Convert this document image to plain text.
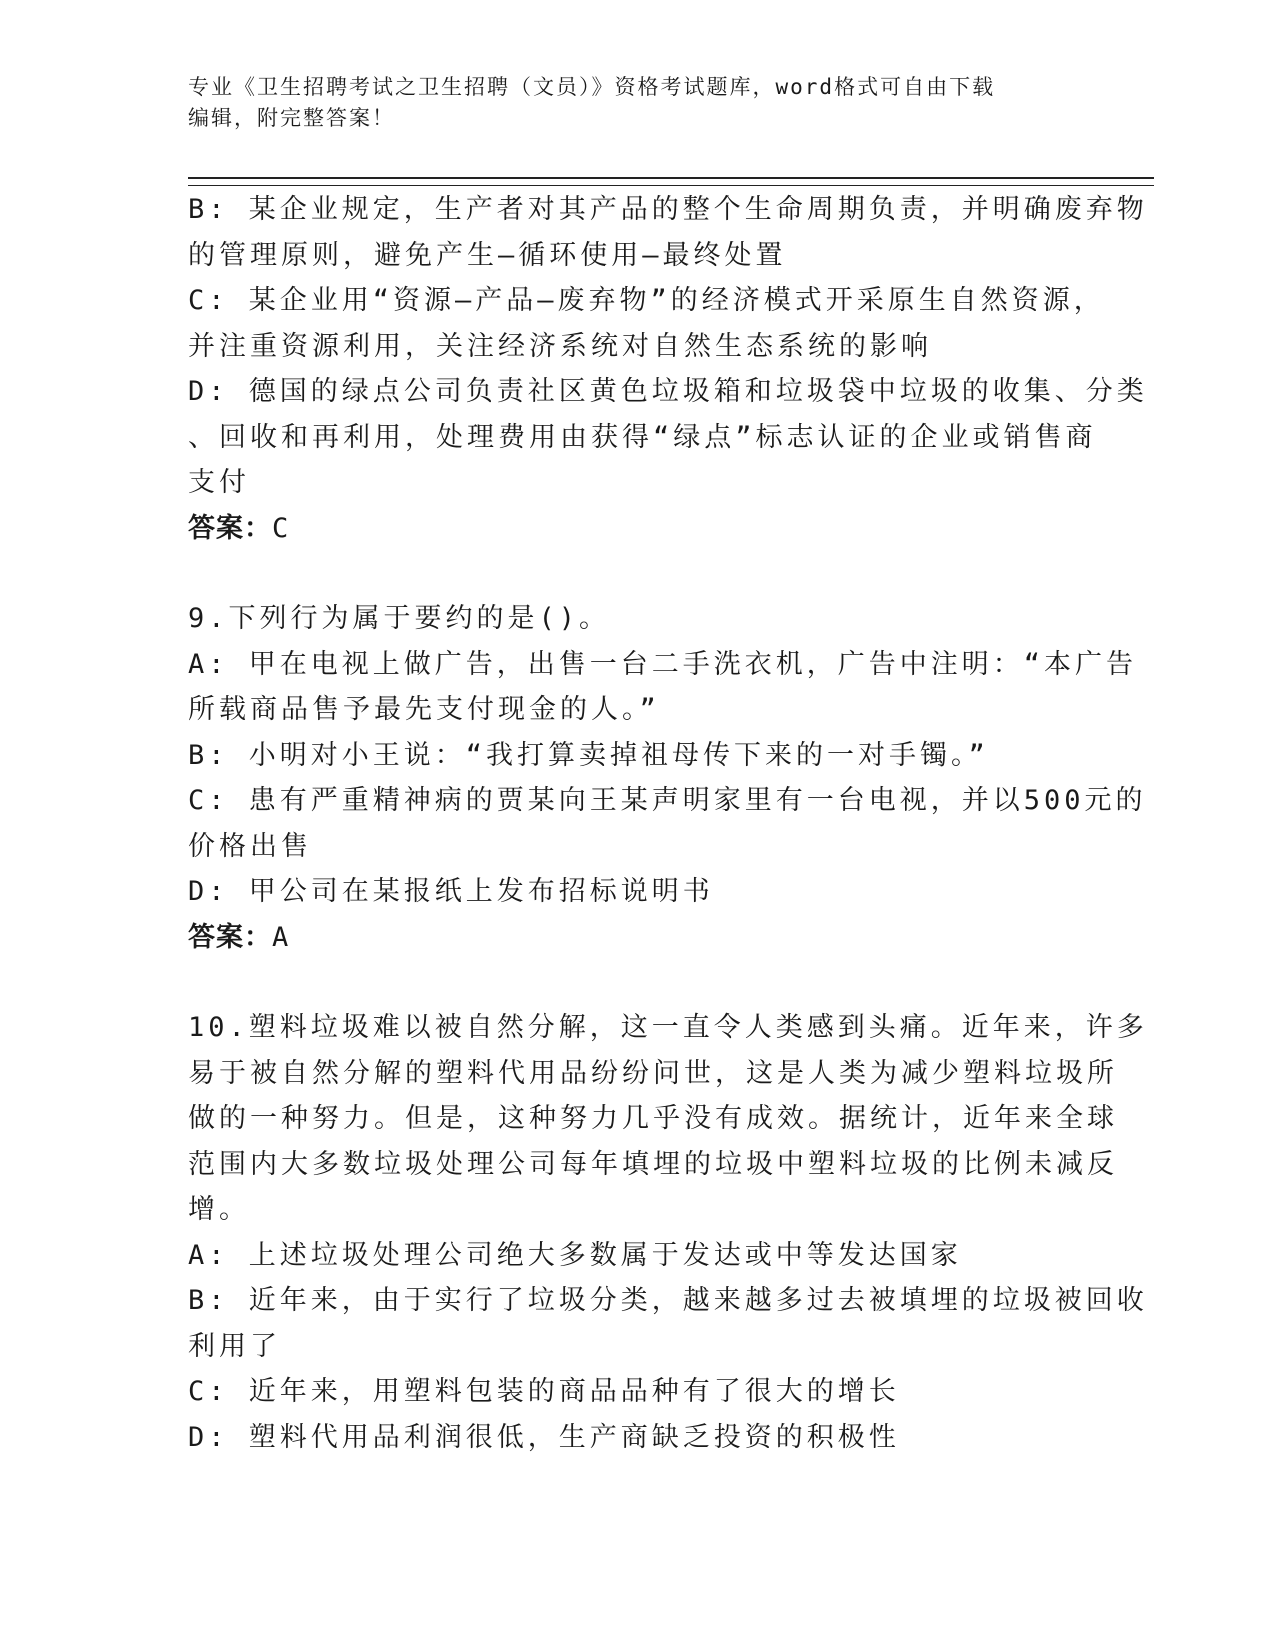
专业《卫生招聘考试之卫生招聘（文员）》资格考试题库，word格式可自由下载
编辑，附完整答案！
B: 某企业规定，生产者对其产品的整个生命周期负责，并明确废弃物
的管理原则，避免产生—循环使用—最终处置
C: 某企业用“资源—产品—废弃物”的经济模式开采原生自然资源，
并注重资源利用，关注经济系统对自然生态系统的影响
D: 德国的绿点公司负责社区黄色垃圾箱和垃圾袋中垃圾的收集、分类
、回收和再利用，处理费用由获得“绿点”标志认证的企业或销售商
支付
答案：C
9.下列行为属于要约的是()。
A: 甲在电视上做广告，出售一台二手洗衣机，广告中注明：“本广告
所载商品售予最先支付现金的人。”
B: 小明对小王说：“我打算卖掉祖母传下来的一对手镯。”
C: 患有严重精神病的贾某向王某声明家里有一台电视，并以500元的
价格出售
D: 甲公司在某报纸上发布招标说明书
答案：A
10.塑料垃圾难以被自然分解，这一直令人类感到头痛。近年来，许多
易于被自然分解的塑料代用品纷纷问世，这是人类为减少塑料垃圾所
做的一种努力。但是，这种努力几乎没有成效。据统计，近年来全球
范围内大多数垃圾处理公司每年填埋的垃圾中塑料垃圾的比例未减反
增。
A: 上述垃圾处理公司绝大多数属于发达或中等发达国家
B: 近年来，由于实行了垃圾分类，越来越多过去被填埋的垃圾被回收
利用了
C: 近年来，用塑料包装的商品品种有了很大的增长
D: 塑料代用品利润很低，生产商缺乏投资的积极性
